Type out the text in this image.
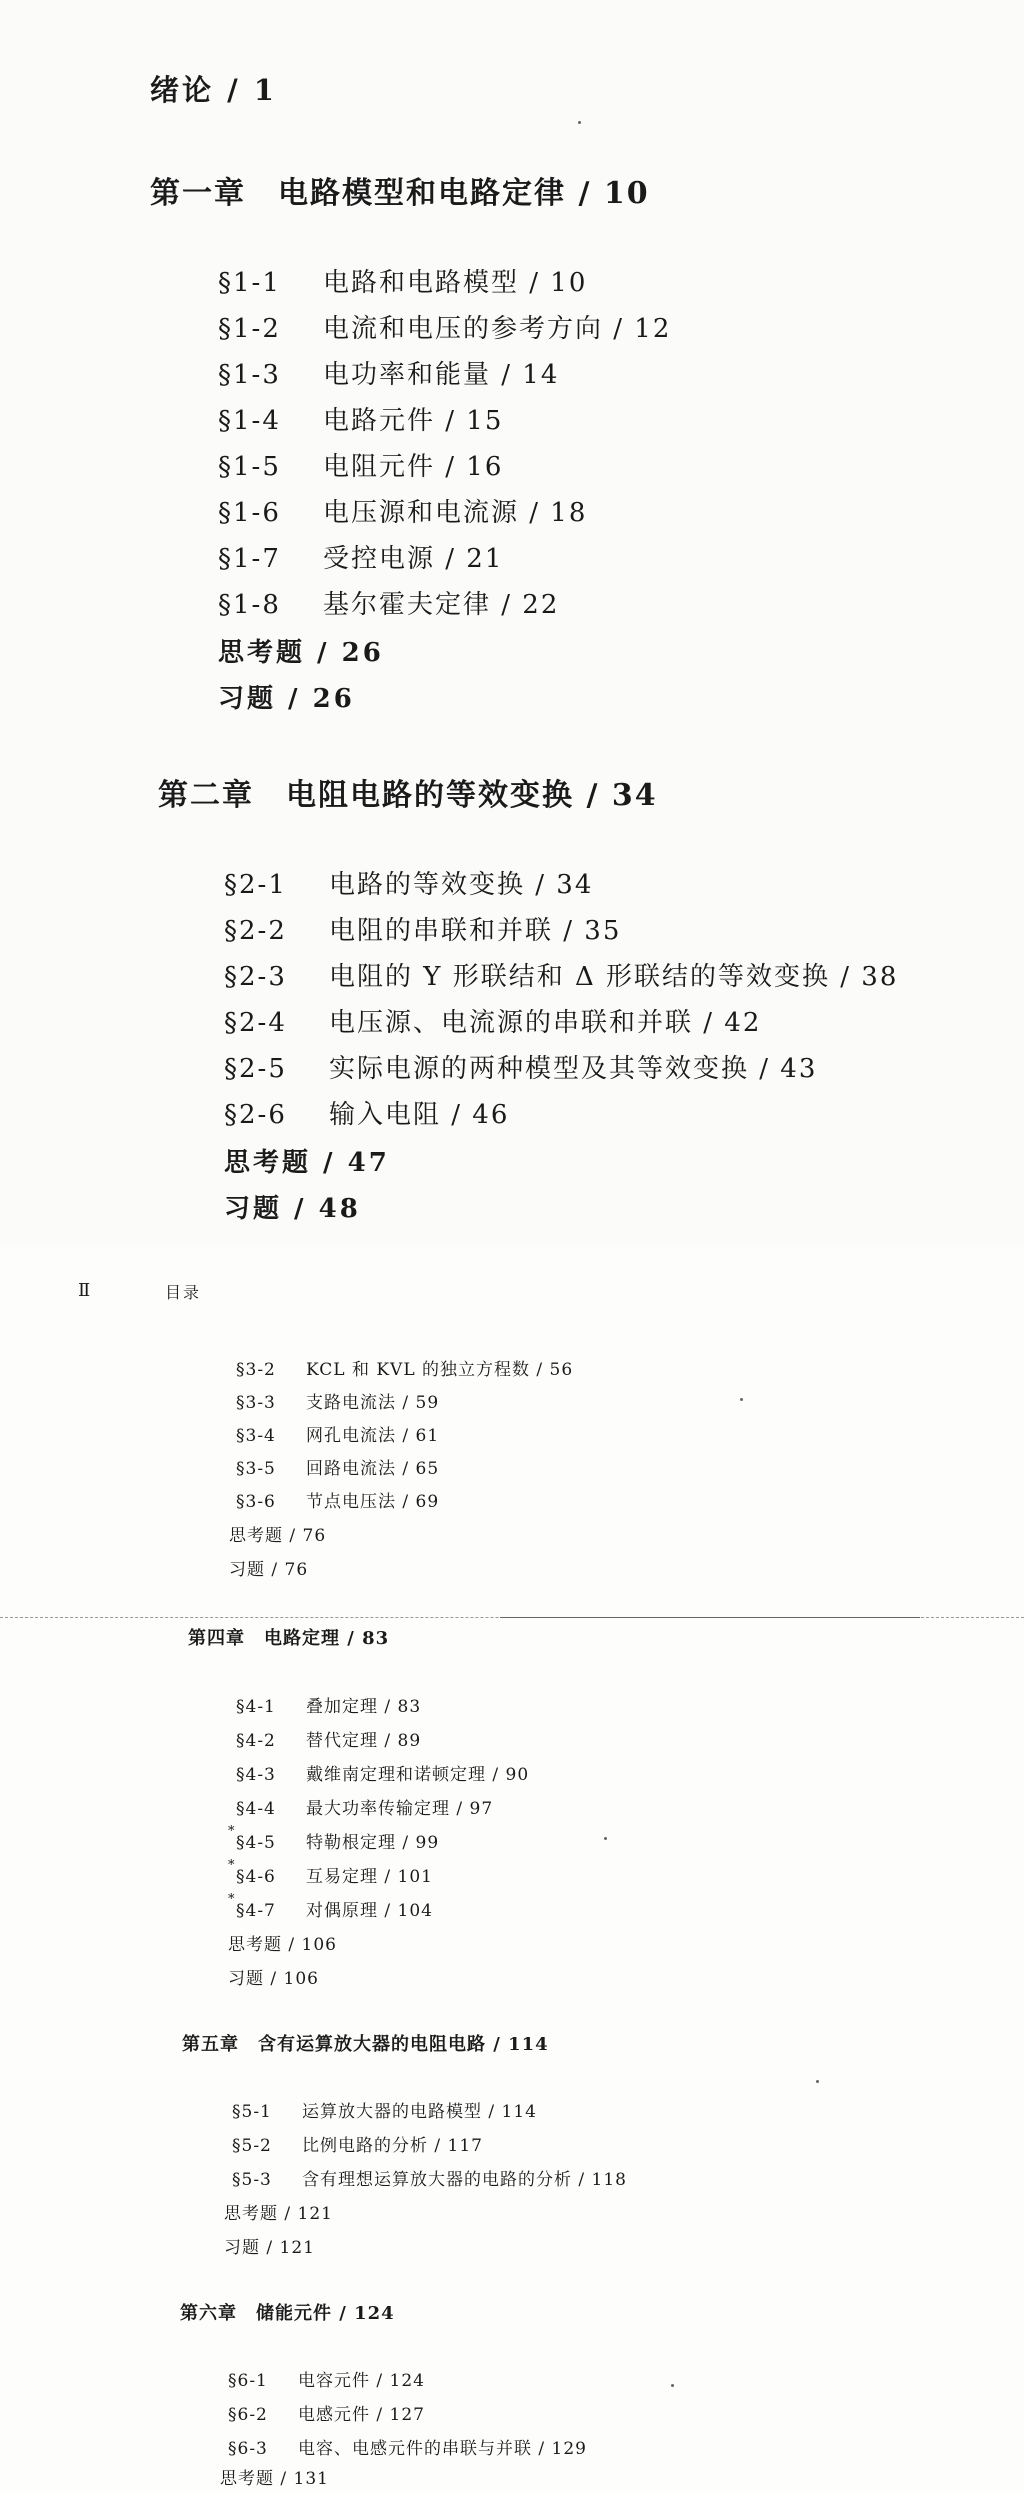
绪论 / 1
第一章　电路模型和电路定律 / 10
§1-1 电路和电路模型 / 10
§1-2 电流和电压的参考方向 / 12
§1-3 电功率和能量 / 14
§1-4 电路元件 / 15
§1-5 电阻元件 / 16
§1-6 电压源和电流源 / 18
§1-7 受控电源 / 21
§1-8 基尔霍夫定律 / 22
思考题 / 26
习题 / 26
第二章　电阻电路的等效变换 / 34
§2-1 电路的等效变换 / 34
§2-2 电阻的串联和并联 / 35
§2-3 电阻的 Y 形联结和 Δ 形联结的等效变换 / 38
§2-4 电压源、电流源的串联和并联 / 42
§2-5 实际电源的两种模型及其等效变换 / 43
§2-6 输入电阻 / 46
思考题 / 47
习题 / 48
Ⅱ	目录
§3-2 KCL 和 KVL 的独立方程数 / 56
§3-3 支路电流法 / 59
§3-4 网孔电流法 / 61
§3-5 回路电流法 / 65
§3-6 节点电压法 / 69
思考题 / 76
习题 / 76
第四章　电路定理 / 83
§4-1 叠加定理 / 83
§4-2 替代定理 / 89
§4-3 戴维南定理和诺顿定理 / 90
§4-4 最大功率传输定理 / 97
*
§4-5 特勒根定理 / 99
*
§4-6 互易定理 / 101
*
§4-7 对偶原理 / 104
思考题 / 106
习题 / 106
第五章　含有运算放大器的电阻电路 / 114
§5-1 运算放大器的电路模型 / 114
§5-2 比例电路的分析 / 117
§5-3 含有理想运算放大器的电路的分析 / 118
思考题 / 121
习题 / 121
第六章　储能元件 / 124
§6-1 电容元件 / 124
§6-2 电感元件 / 127
§6-3 电容、电感元件的串联与并联 / 129
思考题 / 131
